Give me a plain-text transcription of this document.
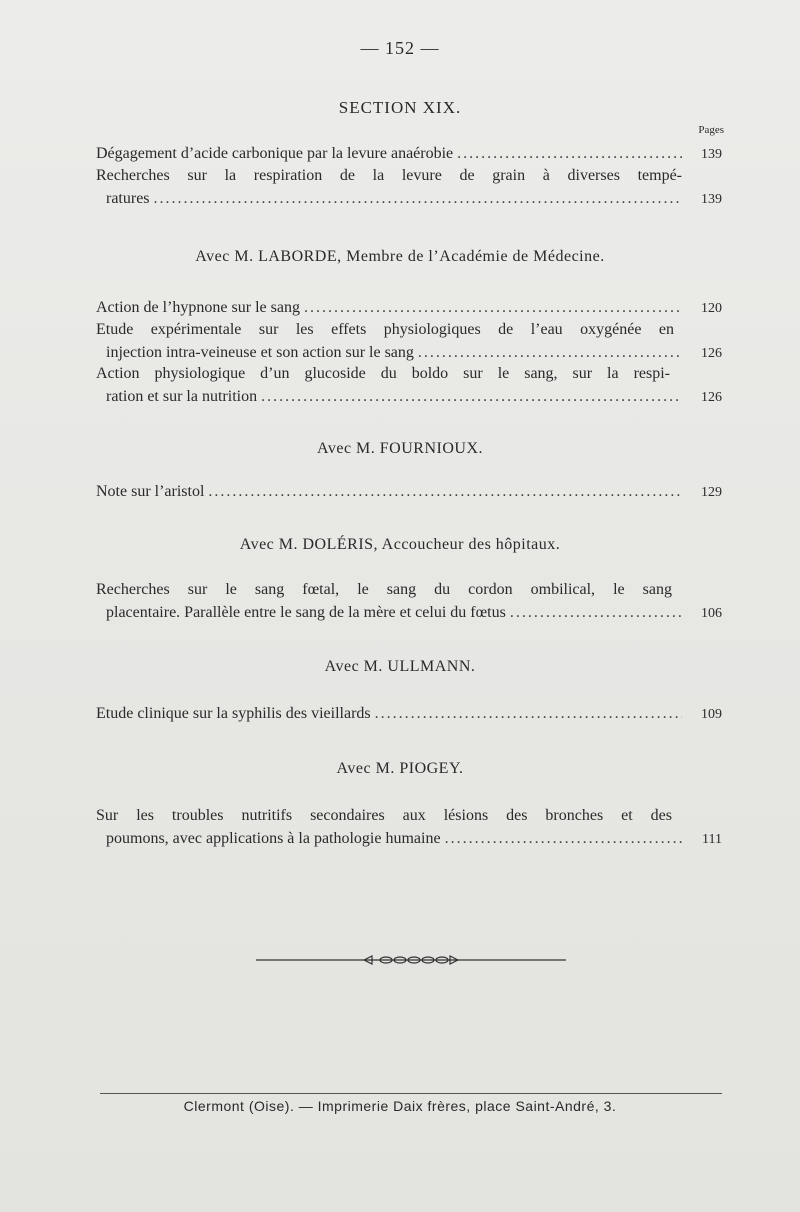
— 152 —
SECTION XIX.
Pages
Dégagement d’acide carbonique par la levure anaérobie .....	139
Recherches sur la respiration de la levure de grain à diverses tempé-
ratures .....	139
Avec M. LABORDE, Membre de l’Académie de Médecine.
Action de l’hypnone sur le sang .....	120
Etude expérimentale sur les effets physiologiques de l’eau oxygénée en
injection intra-veineuse et son action sur le sang .....	126
Action physiologique d’un glucoside du boldo sur le sang, sur la respi-
ration et sur la nutrition .....	126
Avec M. FOURNIOUX.
Note sur l’aristol .....	129
Avec M. DOLÉRIS, Accoucheur des hôpitaux.
Recherches sur le sang fœtal, le sang du cordon ombilical, le sang
placentaire. Parallèle entre le sang de la mère et celui du fœtus .....	106
Avec M. ULLMANN.
Etude clinique sur la syphilis des vieillards .....	109
Avec M. PIOGEY.
Sur les troubles nutritifs secondaires aux lésions des bronches et des
poumons, avec applications à la pathologie humaine .....	111
Clermont (Oise). — Imprimerie Daix frères, place Saint-André, 3.
